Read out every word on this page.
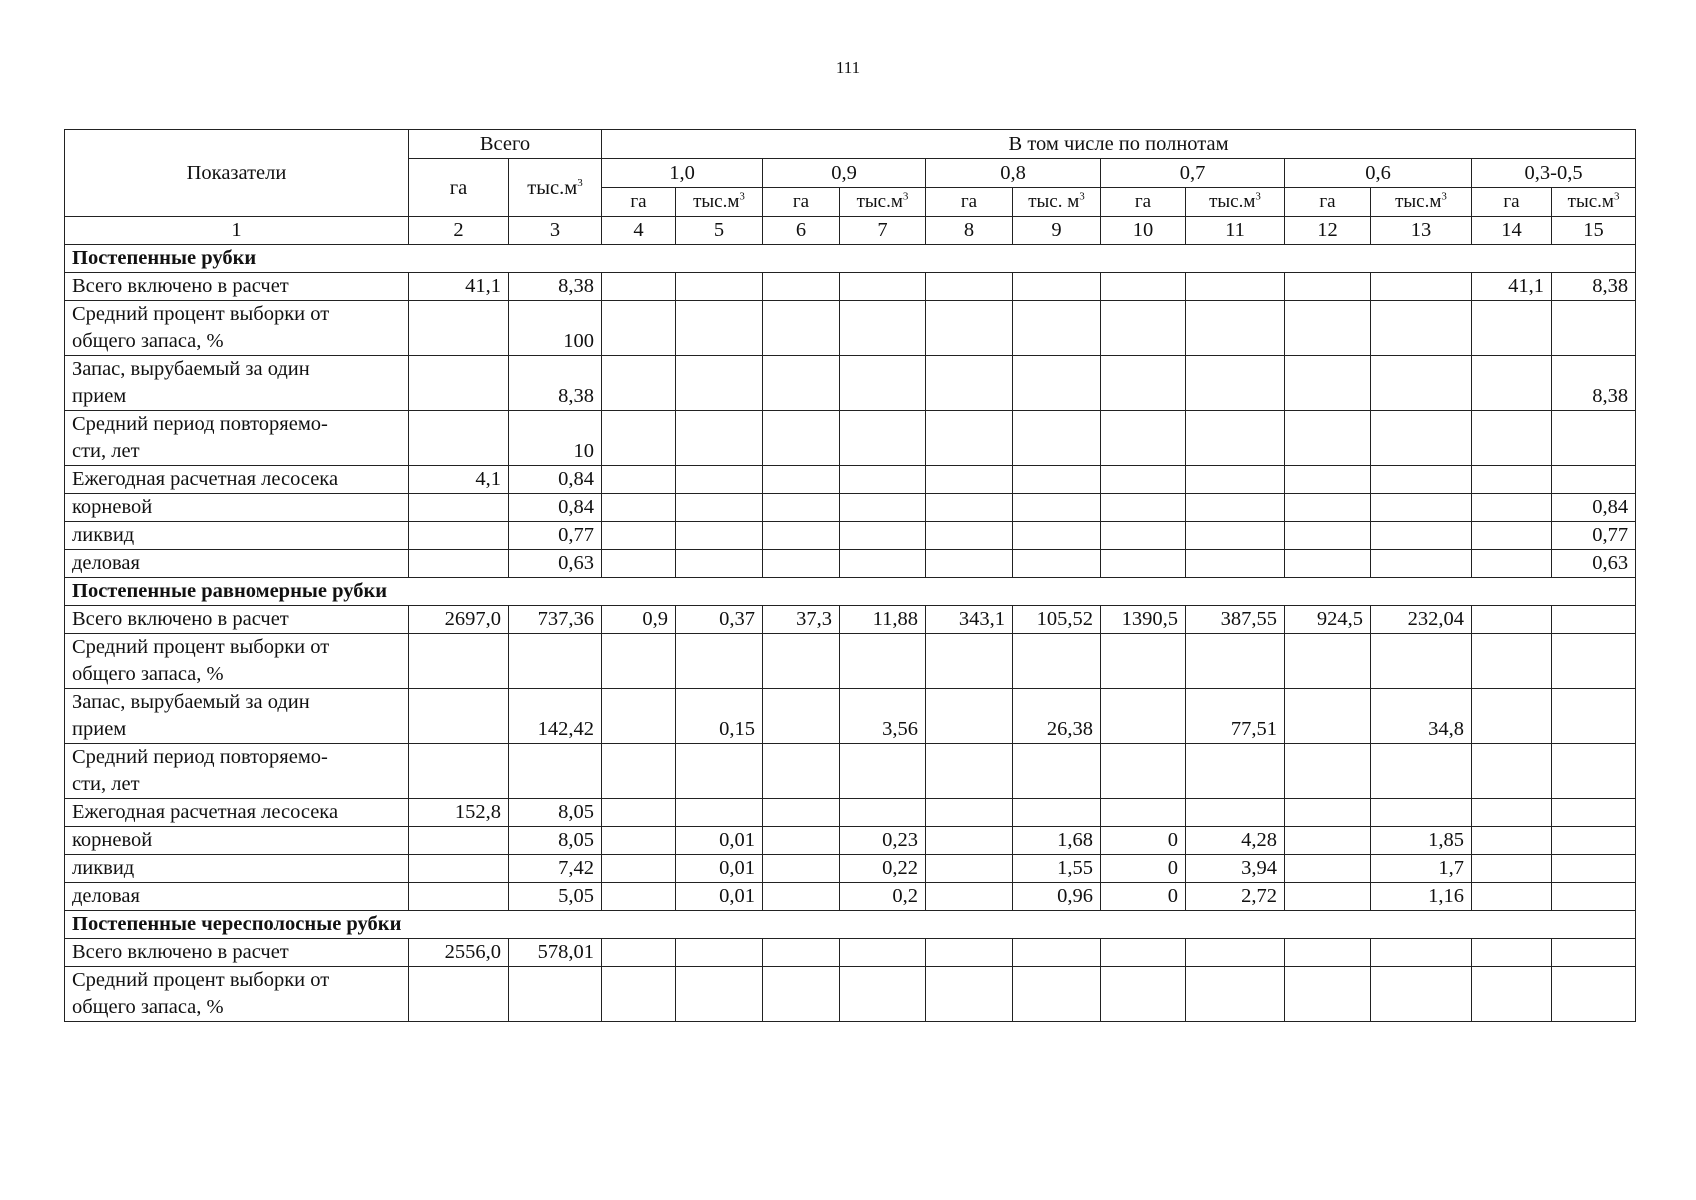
111
Показатели	Всего		В том числе по полнотам											
	га	$тыс.м^3$	1,0		0,9		0,8		0,7		0,6		0,3-0,5	
			га	$тыс.м^3$	га	$тыс.м^3$	га	тыс. $м^3$	га	$тыс.м^3$	га	$тыс.м^3$	га	$тыс.м^3$
1	2	3	4	5	6	7	8	9	10	11	12	13	14	15
Постепенные рубки														

Всего включено в расчет	41,1	8,38											41,1	8,38

Средний процент выборки от
общего запаса, %		100												

Запас, вырубаемый за один
прием		8,38												8,38

Средний период повторяемо-
сти, лет		10												

Ежегодная расчетная лесосека	4,1	0,84												

корневой		0,84												0,84

ликвид		0,77												0,77

деловая		0,63												0,63
Постепенные равномерные рубки														

Всего включено в расчет	2697,0	737,36	0,9	0,37	37,3	11,88	343,1	105,52	1390,5	387,55	924,5	232,04		

Средний процент выборки от
общего запаса, %														

Запас, вырубаемый за один
прием		142,42		0,15		3,56		26,38		77,51		34,8		

Средний период повторяемо-
сти, лет														

Ежегодная расчетная лесосека	152,8	8,05												

корневой		8,05		0,01		0,23		1,68	0	4,28		1,85		

ликвид		7,42		0,01		0,22		1,55	0	3,94		1,7		

деловая		5,05		0,01		0,2		0,96	0	2,72		1,16		
Постепенные чересполосные рубки														

Всего включено в расчет	2556,0	578,01												

Средний процент выборки от
общего запаса, %														
